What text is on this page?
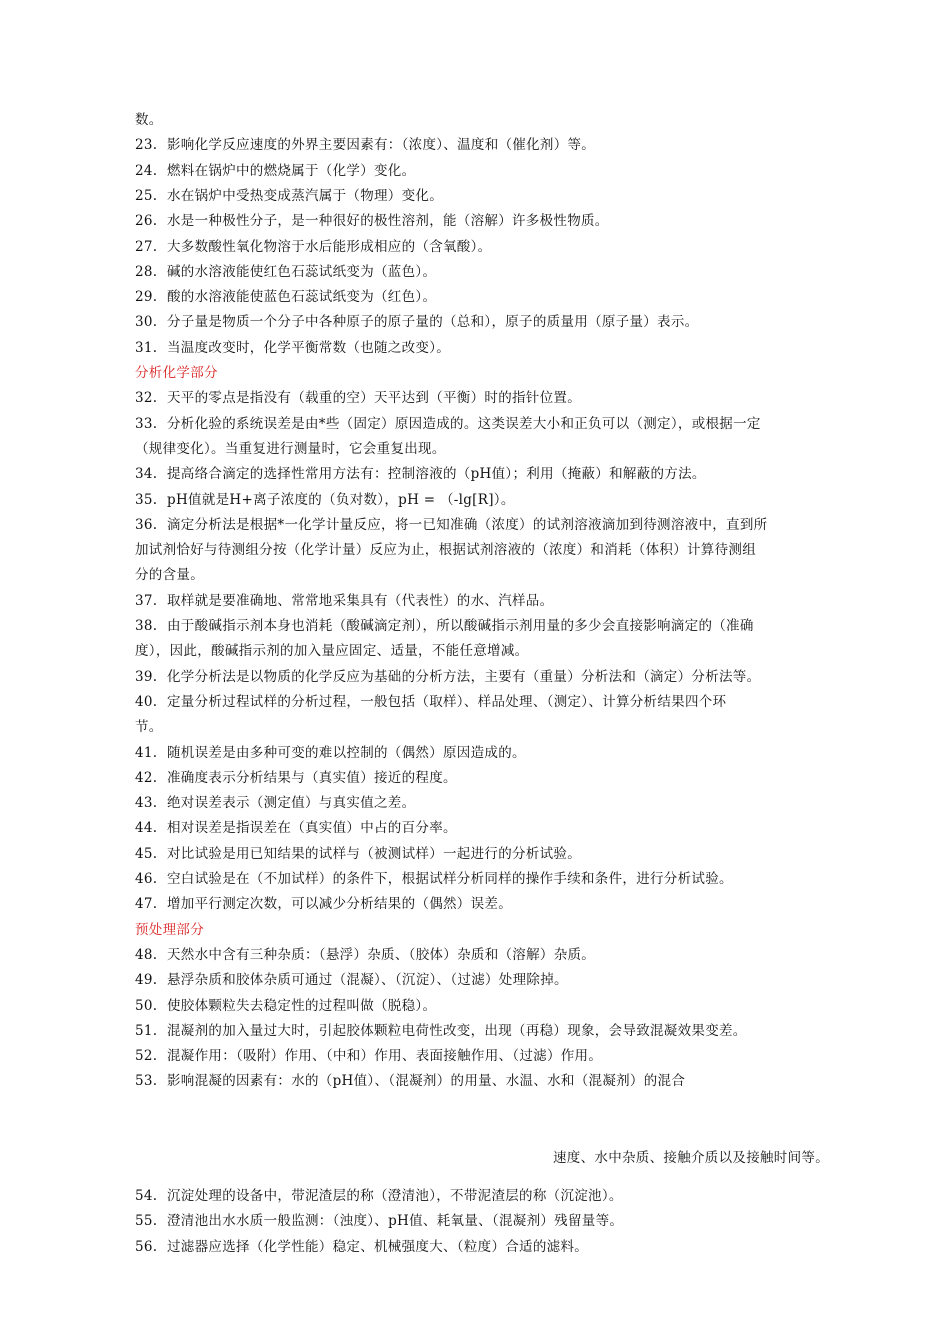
数。
23. 影响化学反应速度的外界主要因素有：（浓度）、温度和（催化剂）等。
24. 燃料在锅炉中的燃烧属于（化学）变化。
25. 水在锅炉中受热变成蒸汽属于（物理）变化。
26. 水是一种极性分子，是一种很好的极性溶剂，能（溶解）许多极性物质。
27. 大多数酸性氧化物溶于水后能形成相应的（含氧酸）。
28. 碱的水溶液能使红色石蕊试纸变为（蓝色）。
29. 酸的水溶液能使蓝色石蕊试纸变为（红色）。
30. 分子量是物质一个分子中各种原子的原子量的（总和），原子的质量用（原子量）表示。
31. 当温度改变时，化学平衡常数（也随之改变）。
分析化学部分
32. 天平的零点是指没有（载重的空）天平达到（平衡）时的指针位置。
33. 分析化验的系统误差是由*些（固定）原因造成的。这类误差大小和正负可以（测定），或根据一定
（规律变化）。当重复进行测量时，它会重复出现。
34. 提高络合滴定的选择性常用方法有：控制溶液的（pH值）；利用（掩蔽）和解蔽的方法。
35. pH值就是H+离子浓度的（负对数），pH = （-lg[R]）。
36. 滴定分析法是根据*一化学计量反应，将一已知准确（浓度）的试剂溶液滴加到待测溶液中，直到所
加试剂恰好与待测组分按（化学计量）反应为止，根据试剂溶液的（浓度）和消耗（体积）计算待测组
分的含量。
37. 取样就是要准确地、常常地采集具有（代表性）的水、汽样品。
38. 由于酸碱指示剂本身也消耗（酸碱滴定剂），所以酸碱指示剂用量的多少会直接影响滴定的（准确
度），因此，酸碱指示剂的加入量应固定、适量，不能任意增减。
39. 化学分析法是以物质的化学反应为基础的分析方法，主要有（重量）分析法和（滴定）分析法等。
40. 定量分析过程试样的分析过程，一般包括（取样）、样品处理、（测定）、计算分析结果四个环
节。
41. 随机误差是由多种可变的难以控制的（偶然）原因造成的。
42. 准确度表示分析结果与（真实值）接近的程度。
43. 绝对误差表示（测定值）与真实值之差。
44. 相对误差是指误差在（真实值）中占的百分率。
45. 对比试验是用已知结果的试样与（被测试样）一起进行的分析试验。
46. 空白试验是在（不加试样）的条件下，根据试样分析同样的操作手续和条件，进行分析试验。
47. 增加平行测定次数，可以减少分析结果的（偶然）误差。
预处理部分
48. 天然水中含有三种杂质：（悬浮）杂质、（胶体）杂质和（溶解）杂质。
49. 悬浮杂质和胶体杂质可通过（混凝）、（沉淀）、（过滤）处理除掉。
50. 使胶体颗粒失去稳定性的过程叫做（脱稳）。
51. 混凝剂的加入量过大时，引起胶体颗粒电荷性改变，出现（再稳）现象，会导致混凝效果变差。
52. 混凝作用：（吸附）作用、（中和）作用、表面接触作用、（过滤）作用。
53. 影响混凝的因素有：水的（pH值）、（混凝剂）的用量、水温、水和（混凝剂）的混合
速度、水中杂质、接触介质以及接触时间等。
54. 沉淀处理的设备中，带泥渣层的称（澄清池），不带泥渣层的称（沉淀池）。
55. 澄清池出水水质一般监测：（浊度）、pH值、耗氧量、（混凝剂）残留量等。
56. 过滤器应选择（化学性能）稳定、机械强度大、（粒度）合适的滤料。
